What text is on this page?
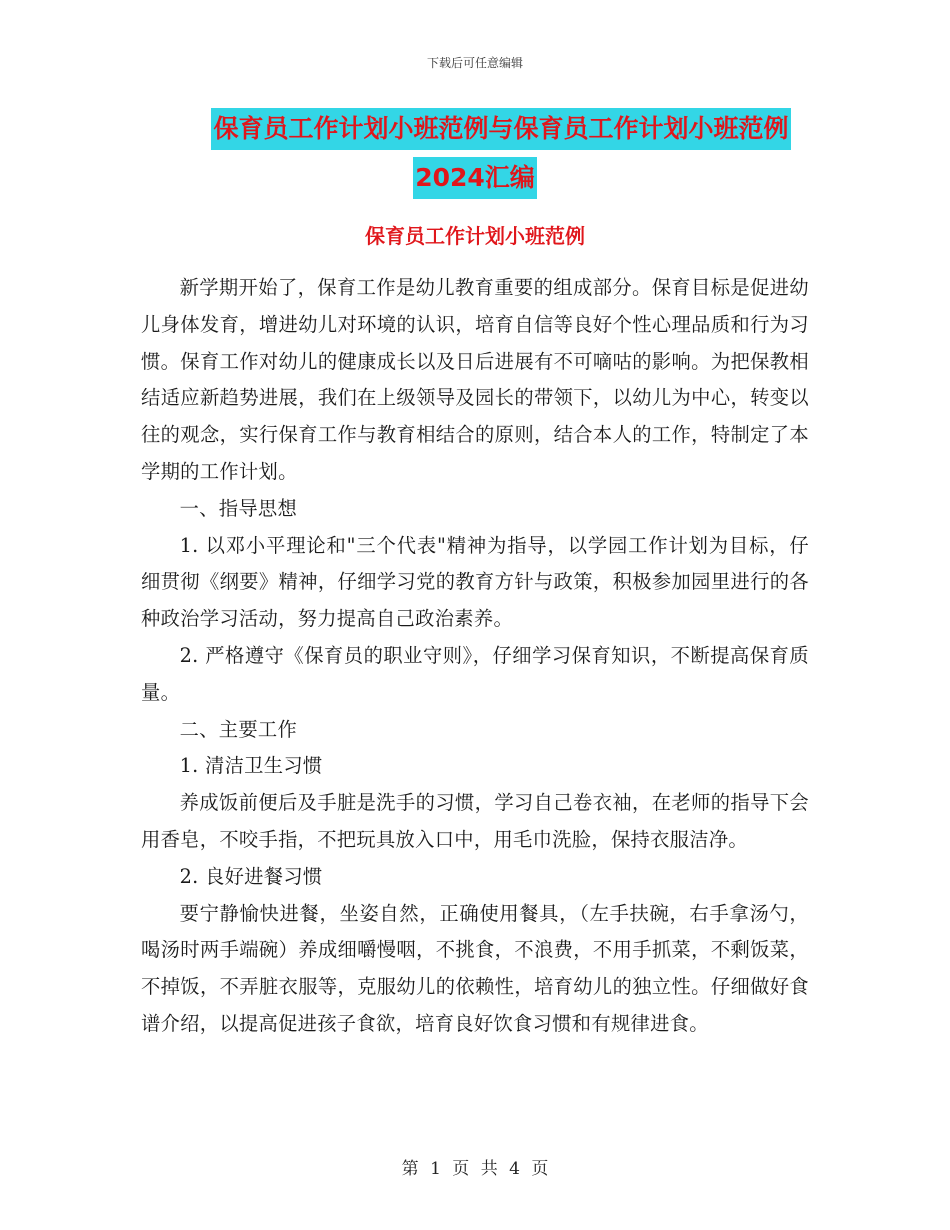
下载后可任意编辑
保育员工作计划小班范例与保育员工作计划小班范例
2024汇编
保育员工作计划小班范例

新学期开始了，保育工作是幼儿教育重要的组成部分。保育目标是促进幼儿身体发育，增进幼儿对环境的认识，培育自信等良好个性心理品质和行为习惯。保育工作对幼儿的健康成长以及日后进展有不可嘀咕的影响。为把保教相结适应新趋势进展，我们在上级领导及园长的带领下，以幼儿为中心，转变以往的观念，实行保育工作与教育相结合的原则，结合本人的工作，特制定了本学期的工作计划。

一、指导思想

1. 以邓小平理论和"三个代表"精神为指导，以学园工作计划为目标，仔细贯彻《纲要》精神，仔细学习党的教育方针与政策，积极参加园里进行的各种政治学习活动，努力提高自己政治素养。

2. 严格遵守《保育员的职业守则》，仔细学习保育知识，不断提高保育质量。

二、主要工作

1. 清洁卫生习惯

养成饭前便后及手脏是洗手的习惯，学习自己卷衣袖，在老师的指导下会用香皂，不咬手指，不把玩具放入口中，用毛巾洗脸，保持衣服洁净。

2. 良好进餐习惯

要宁静愉快进餐，坐姿自然，正确使用餐具，（左手扶碗，右手拿汤勺，喝汤时两手端碗）养成细嚼慢咽，不挑食，不浪费，不用手抓菜，不剩饭菜，不掉饭，不弄脏衣服等，克服幼儿的依赖性，培育幼儿的独立性。仔细做好食谱介绍，以提高促进孩子食欲，培育良好饮食习惯和有规律进食。

第 1 页 共 4 页
